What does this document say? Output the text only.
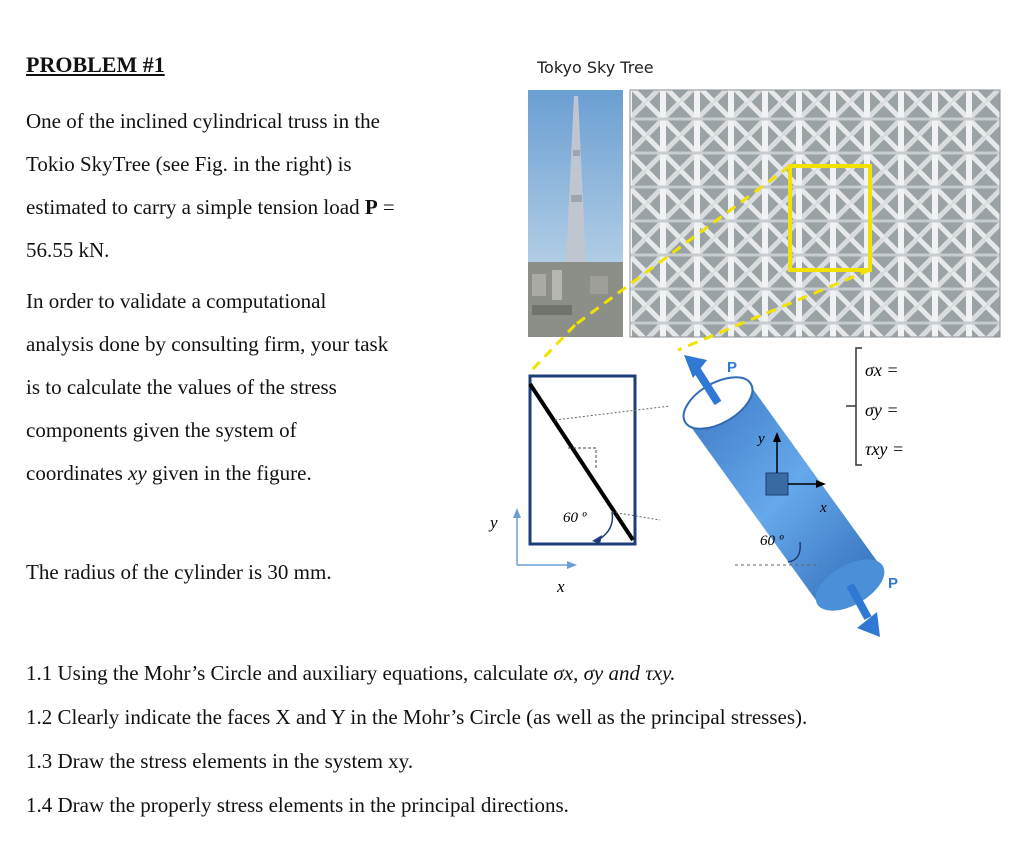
PROBLEM #1
One of the inclined cylindrical truss in the
Tokio SkyTree (see Fig. in the right) is
estimated to carry a simple tension load P =
56.55 kN.
In order to validate a computational
analysis done by consulting firm, your task
is to calculate the values of the stress
components given the system of
coordinates xy given in the figure.
The radius of the cylinder is 30 mm.
Tokyo Sky Tree
60 º
y
x
y
x
60 º
P
P
σx =
σy =
τxy =
1.1 Using the Mohr’s Circle and auxiliary equations, calculate σx, σy and τxy.
1.2 Clearly indicate the faces X and Y in the Mohr’s Circle (as well as the principal stresses).
1.3 Draw the stress elements in the system xy.
1.4 Draw the properly stress elements in the principal directions.
